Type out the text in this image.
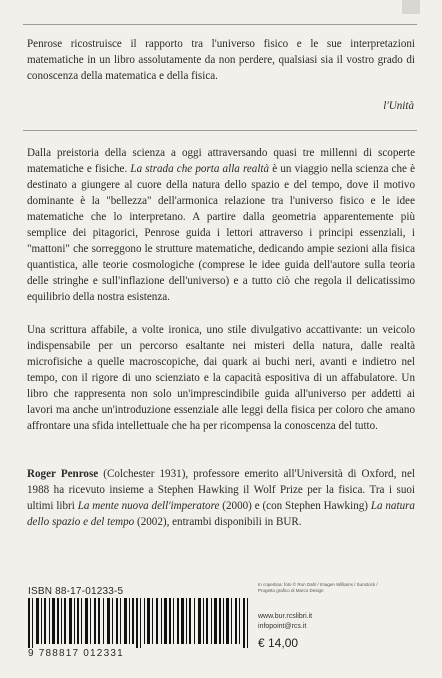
Penrose ricostruisce il rapporto tra l'universo fisico e le sue interpretazioni matematiche in un libro assolutamente da non perdere, qualsiasi sia il vostro grado di conoscenza della matematica e della fisica.
l'Unità
Dalla preistoria della scienza a oggi attraversando quasi tre millenni di scoperte matematiche e fisiche. La strada che porta alla realtà è un viaggio nella scienza che è destinato a giungere al cuore della natura dello spazio e del tempo, dove il motivo dominante è la "bellezza" dell'armonica relazione tra l'universo fisico e le idee matematiche che lo interpretano. A partire dalla geometria apparentemente più semplice dei pitagorici, Penrose guida i lettori attraverso i principi essenziali, i "mattoni" che sorreggono le strutture matematiche, dedicando ampie sezioni alla fisica quantistica, alle teorie cosmologiche (comprese le idee guida dell'autore sulla teoria delle stringhe e sull'inflazione dell'universo) e a tutto ciò che regola il delicatissimo equilibrio della nostra esistenza.
Una scrittura affabile, a volte ironica, uno stile divulgativo accattivante: un veicolo indispensabile per un percorso esaltante nei misteri della natura, dalle realtà microfisiche a quelle macroscopiche, dai quark ai buchi neri, avanti e indietro nel tempo, con il rigore di uno scienziato e la capacità espositiva di un affabulatore. Un libro che rappresenta non solo un'imprescindibile guida all'universo per addetti ai lavori ma anche un'introduzione essenziale alle leggi della fisica per coloro che amano affrontare una sfida intellettuale che ha per ricompensa la conoscenza del tutto.
Roger Penrose (Colchester 1931), professore emerito all'Università di Oxford, nel 1988 ha ricevuto insieme a Stephen Hawking il Wolf Prize per la fisica. Tra i suoi ultimi libri La mente nuova dell'imperatore (2000) e (con Stephen Hawking) La natura dello spazio e del tempo (2002), entrambi disponibili in BUR.
ISBN 88-17-01233-5
9 788817 012331
In copertina: foto © Ron Dahl / Imagen Williams / Sunstock / Progetto grafico di Marco Design
www.bur.rcslibri.it
infopoint@rcs.it
€ 14,00
